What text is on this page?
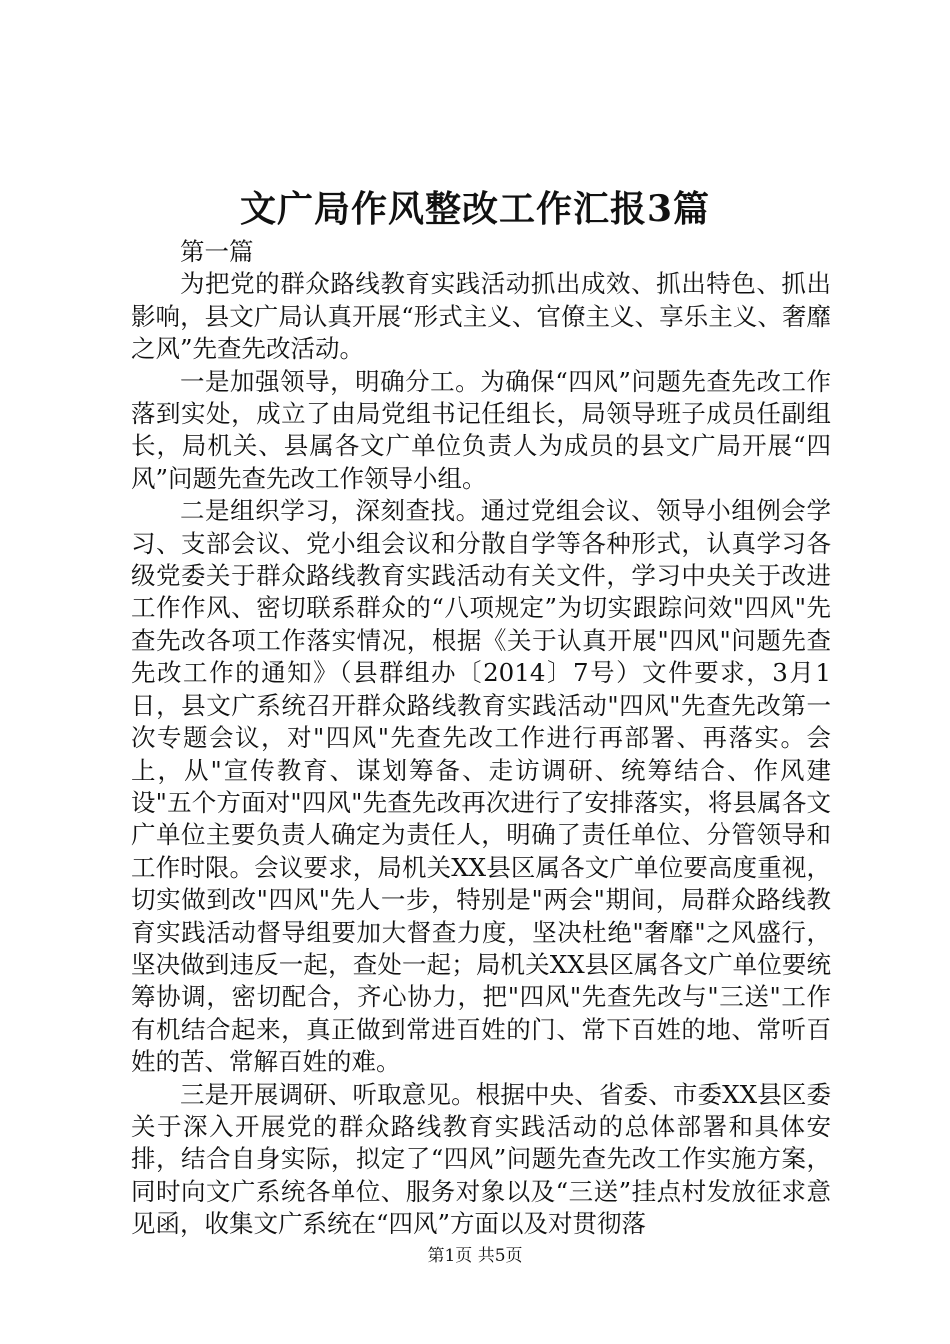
文广局作风整改工作汇报3篇

第一篇

为把党的群众路线教育实践活动抓出成效、抓出特色、抓出影响，县文广局认真开展“形式主义、官僚主义、享乐主义、奢靡之风”先查先改活动。

一是加强领导，明确分工。为确保“四风”问题先查先改工作落到实处，成立了由局党组书记任组长，局领导班子成员任副组长，局机关、县属各文广单位负责人为成员的县文广局开展“四风”问题先查先改工作领导小组。

二是组织学习，深刻查找。通过党组会议、领导小组例会学习、支部会议、党小组会议和分散自学等各种形式，认真学习各级党委关于群众路线教育实践活动有关文件，学习中央关于改进工作作风、密切联系群众的“八项规定”为切实跟踪问效"四风"先查先改各项工作落实情况，根据《关于认真开展"四风"问题先查先改工作的通知》（县群组办〔2014〕7号）文件要求，3月1日，县文广系统召开群众路线教育实践活动"四风"先查先改第一次专题会议，对"四风"先查先改工作进行再部署、再落实。会上，从"宣传教育、谋划筹备、走访调研、统筹结合、作风建设"五个方面对"四风"先查先改再次进行了安排落实，将县属各文广单位主要负责人确定为责任人，明确了责任单位、分管领导和工作时限。会议要求，局机关XX县区属各文广单位要高度重视，切实做到改"四风"先人一步，特别是"两会"期间，局群众路线教育实践活动督导组要加大督查力度，坚决杜绝"奢靡"之风盛行，坚决做到违反一起，查处一起；局机关XX县区属各文广单位要统筹协调，密切配合，齐心协力，把"四风"先查先改与"三送"工作有机结合起来，真正做到常进百姓的门、常下百姓的地、常听百姓的苦、常解百姓的难。

三是开展调研、听取意见。根据中央、省委、市委XX县区委关于深入开展党的群众路线教育实践活动的总体部署和具体安排，结合自身实际，拟定了“四风”问题先查先改工作实施方案，同时向文广系统各单位、服务对象以及“三送”挂点村发放征求意见函，收集文广系统在“四风”方面以及对贯彻落

第1页 共5页
